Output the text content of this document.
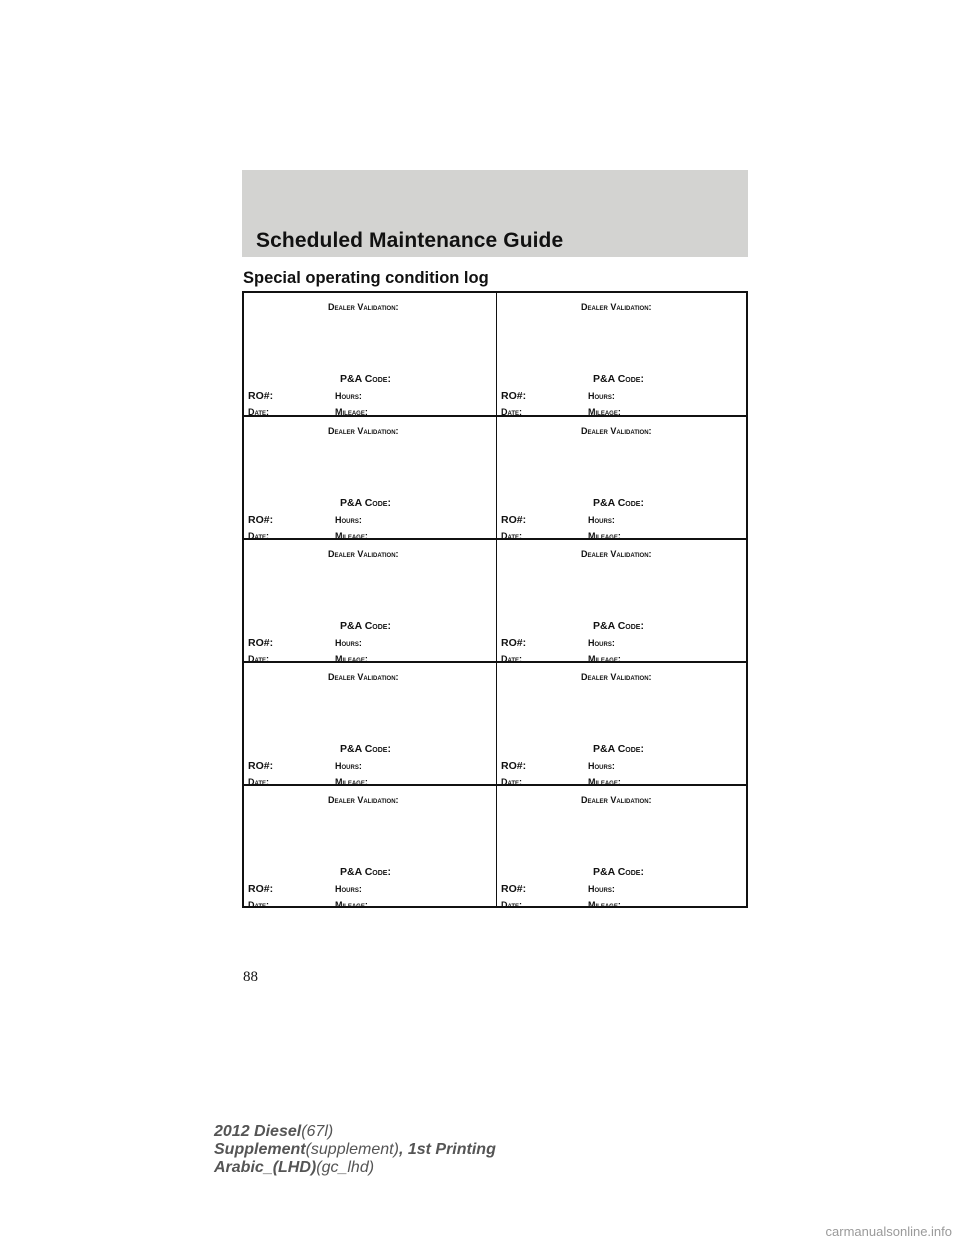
Scheduled Maintenance Guide
Special operating condition log
Dealer Validation:
P&A Code:
RO#:	Hours:
Date:	Mileage:
Dealer Validation:
P&A Code:
RO#:	Hours:
Date:	Mileage:
Dealer Validation:
P&A Code:
RO#:	Hours:
Date:	Mileage:
Dealer Validation:
P&A Code:
RO#:	Hours:
Date:	Mileage:
Dealer Validation:
P&A Code:
RO#:	Hours:
Date:	Mileage:
Dealer Validation:
P&A Code:
RO#:	Hours:
Date:	Mileage:
Dealer Validation:
P&A Code:
RO#:	Hours:
Date:	Mileage:
Dealer Validation:
P&A Code:
RO#:	Hours:
Date:	Mileage:
Dealer Validation:
P&A Code:
RO#:	Hours:
Date:	Mileage:
Dealer Validation:
P&A Code:
RO#:	Hours:
Date:	Mileage:

88

2012 Diesel(67l)
Supplement(supplement), 1st Printing
Arabic_(LHD)(gc_lhd)
carmanualsonline.info
